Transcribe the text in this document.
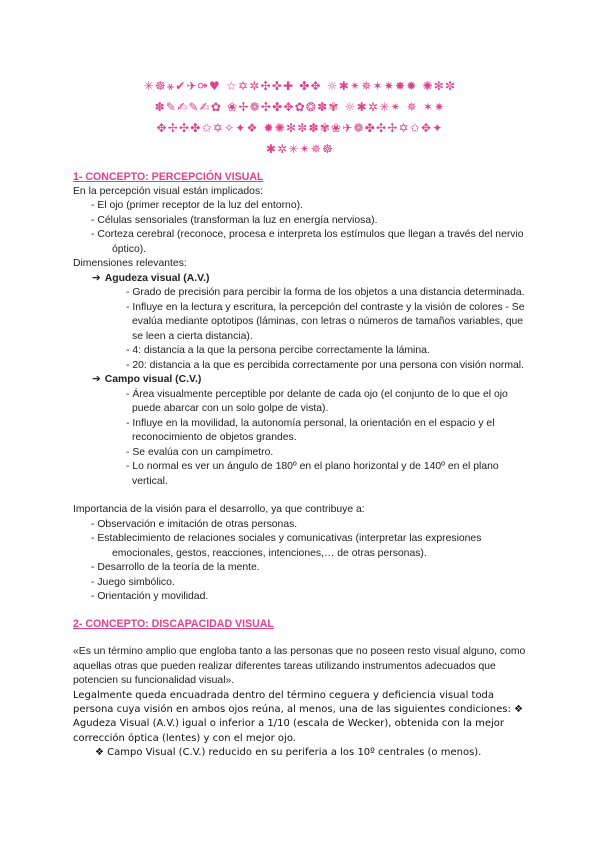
✳︎☸︎⚹︎✔︎✈︎⚩︎♥︎ ☆✡︎✲︎✣︎✜︎✚︎ ✤︎✥︎ ☼✱︎✴︎✵︎✶︎✷︎✸︎✹︎ ✺︎✻︎✼︎
✽︎✎︎✍︎✎︎✍︎✿︎ ❀︎✢︎❁︎✣︎✤︎✥︎✿︎❂︎✽︎✾︎ ☼✱︎✲︎✳︎✴︎ ✵︎ ✶︎✷︎
✥︎✢︎✣︎✤︎✩︎✡︎✧︎✦︎❖︎ ✹︎✺︎✻︎✼︎✽︎✾︎❀︎✈︎❁︎✤︎✣︎✢︎✡︎✩︎✥︎✦︎
✱︎✲︎✳︎✴︎✵︎☸︎
1- CONCEPTO: PERCEPCIÓN VISUAL

En la percepción visual están implicados:

- El ojo (primer receptor de la luz del entorno).
- Células sensoriales (transforman la luz en energía nerviosa).
- Corteza cerebral (reconoce, procesa e interpreta los estímulos que llegan a través del nervio óptico).

Dimensiones relevantes:

➔ Agudeza visual (A.V.)
- Grado de precisión para percibir la forma de los objetos a una distancia determinada.
- Influye en la lectura y escritura, la percepción del contraste y la visión de colores - Se evalúa mediante optotipos (láminas, con letras o números de tamaños variables, que se leen a cierta distancia).
- 4: distancia a la que la persona percibe correctamente la lámina.
- 20: distancia a la que es percibida correctamente por una persona con visión normal.
➔ Campo visual (C.V.)
- Área visualmente perceptible por delante de cada ojo (el conjunto de lo que el ojo puede abarcar con un solo golpe de vista).
- Influye en la movilidad, la autonomía personal, la orientación en el espacio y el reconocimiento de objetos grandes.
- Se evalúa con un campímetro.
- Lo normal es ver un ángulo de 180º en el plano horizontal y de 140º en el plano vertical.

Importancia de la visión para el desarrollo, ya que contribuye a:

- Observación e imitación de otras personas.
- Establecimiento de relaciones sociales y comunicativas (interpretar las expresiones emocionales, gestos, reacciones, intenciones,… de otras personas).
- Desarrollo de la teoría de la mente.
- Juego simbólico.
- Orientación y movilidad.
2- CONCEPTO: DISCAPACIDAD VISUAL

«Es un término amplio que engloba tanto a las personas que no poseen resto visual alguno, como aquellas otras que pueden realizar diferentes tareas utilizando instrumentos adecuados que potencien su funcionalidad visual».

Legalmente queda encuadrada dentro del término ceguera y deficiencia visual toda persona cuya visión en ambos ojos reúna, al menos, una de las siguientes condiciones: ❖ Agudeza Visual (A.V.) igual o inferior a 1/10 (escala de Wecker), obtenida con la mejor corrección óptica (lentes) y con el mejor ojo.

❖ Campo Visual (C.V.) reducido en su periferia a los 10º centrales (o menos).
